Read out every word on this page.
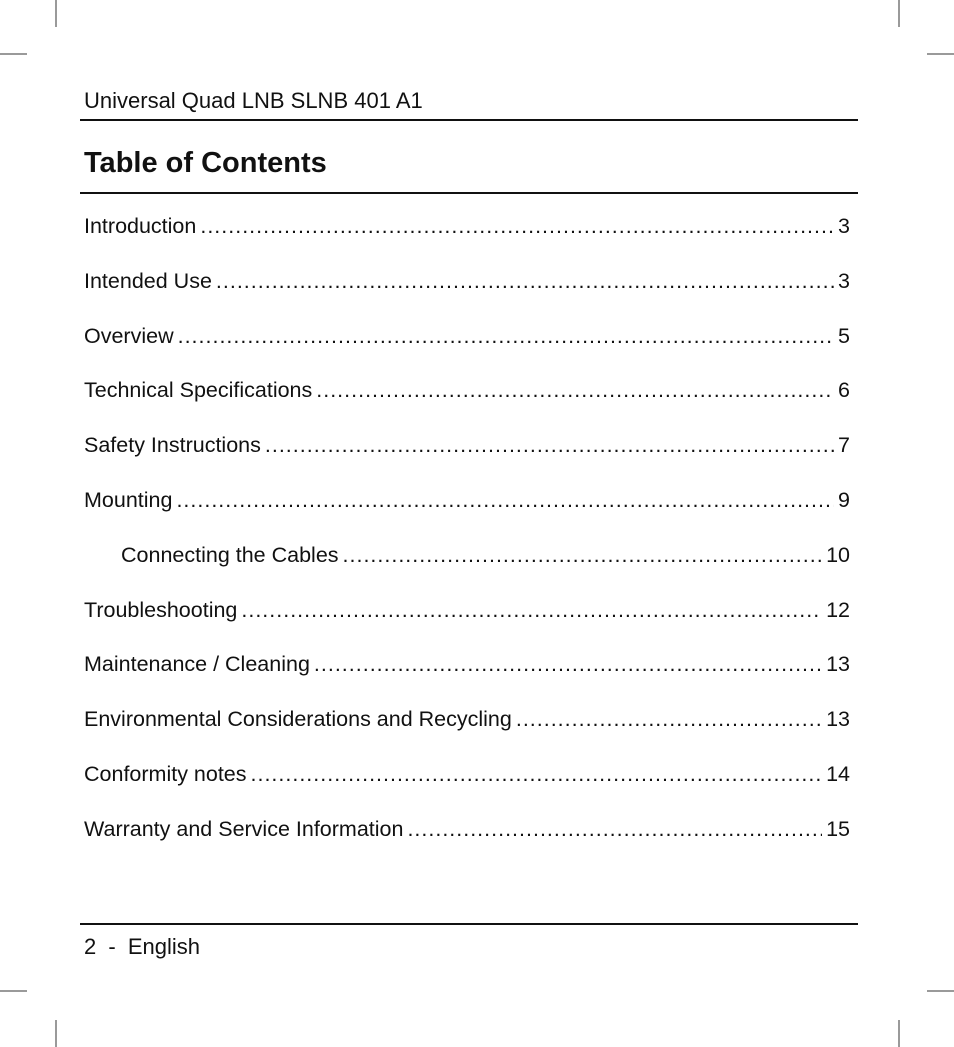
Universal Quad LNB SLNB 401 A1
Table of Contents
Introduction .....	3
Intended Use .....	3
Overview .....	5
Technical Specifications .....	6
Safety Instructions .....	7
Mounting .....	9
Connecting the Cables .....	10
Troubleshooting .....	12
Maintenance / Cleaning .....	13
Environmental Considerations and Recycling .....	13
Conformity notes .....	14
Warranty and Service Information .....	15
2 - English
